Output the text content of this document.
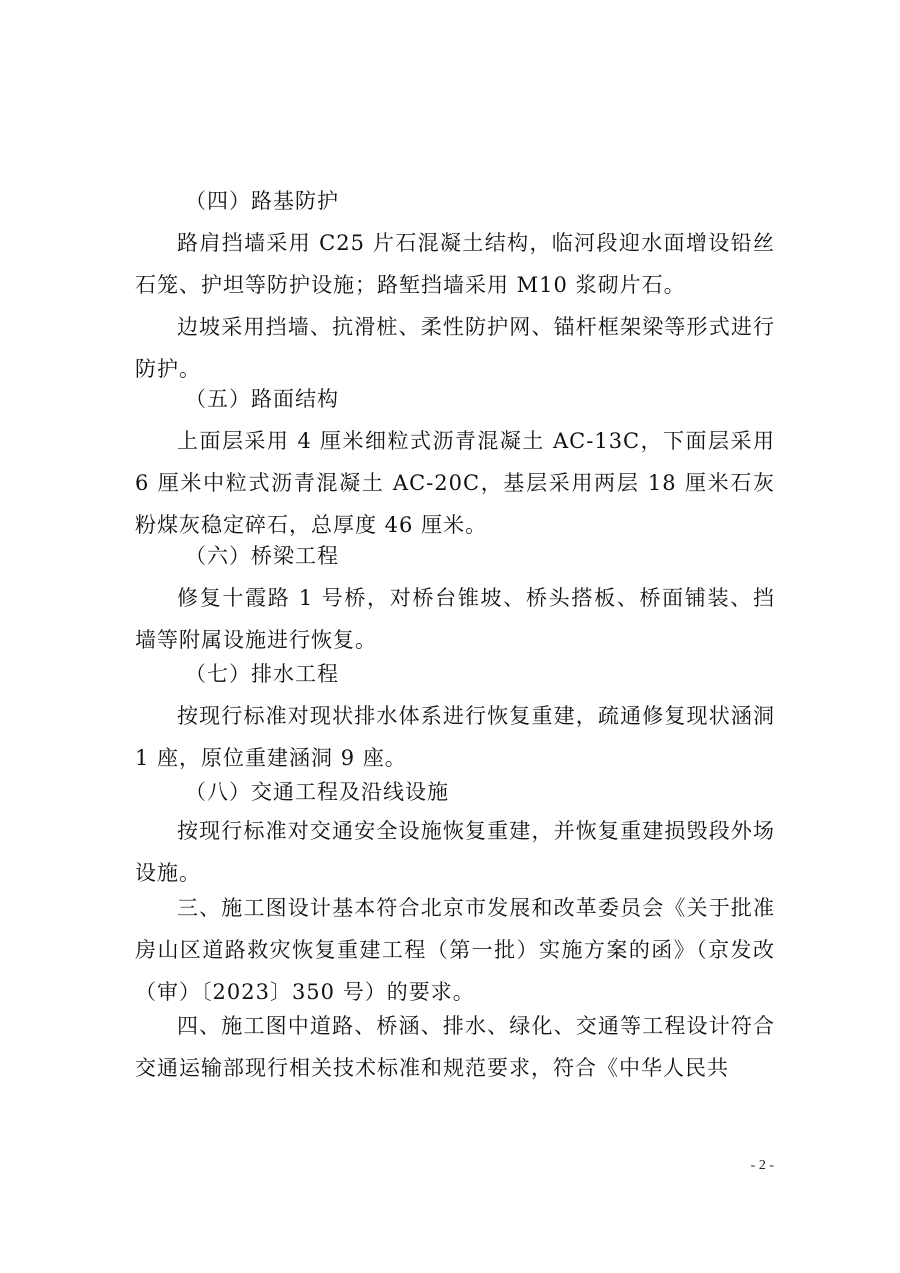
（四）路基防护

路肩挡墙采用 C25 片石混凝土结构，临河段迎水面增设铅丝石笼、护坦等防护设施；路堑挡墙采用 M10 浆砌片石。

边坡采用挡墙、抗滑桩、柔性防护网、锚杆框架梁等形式进行防护。

（五）路面结构

上面层采用 4 厘米细粒式沥青混凝土 AC-13C，下面层采用 6 厘米中粒式沥青混凝土 AC-20C，基层采用两层 18 厘米石灰粉煤灰稳定碎石，总厚度 46 厘米。

（六）桥梁工程

修复十霞路 1 号桥，对桥台锥坡、桥头搭板、桥面铺装、挡墙等附属设施进行恢复。

（七）排水工程

按现行标准对现状排水体系进行恢复重建，疏通修复现状涵洞 1 座，原位重建涵洞 9 座。

（八）交通工程及沿线设施

按现行标准对交通安全设施恢复重建，并恢复重建损毁段外场设施。

三、施工图设计基本符合北京市发展和改革委员会《关于批准房山区道路救灾恢复重建工程（第一批）实施方案的函》（京发改（审）〔2023〕350 号）的要求。

四、施工图中道路、桥涵、排水、绿化、交通等工程设计符合交通运输部现行相关技术标准和规范要求，符合《中华人民共

- 2 -
